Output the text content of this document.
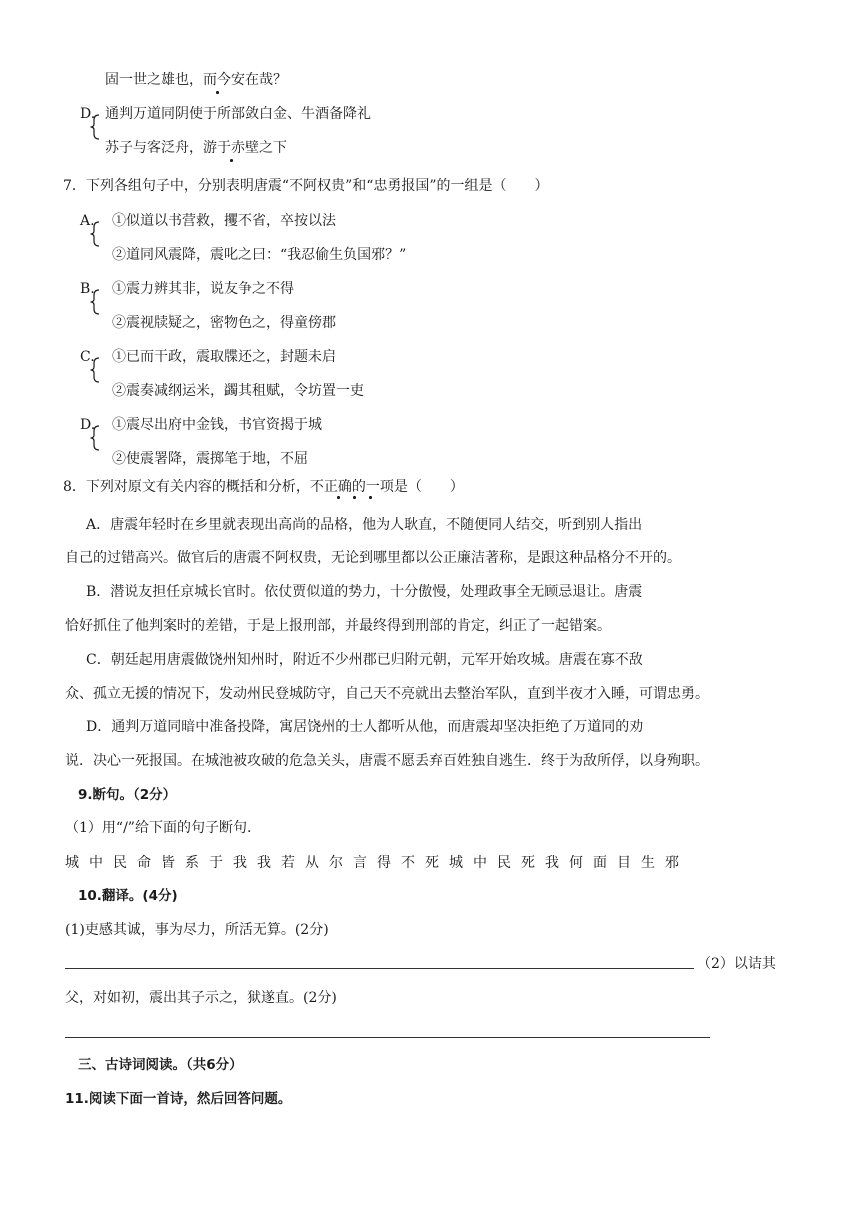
固一世之雄也，而今安在哉？
D. 通判万道同阴使于所部敛白金、牛酒备降礼
苏子与客泛舟，游于赤壁之下
7．下列各组句子中，分别表明唐震“不阿权贵”和“忠勇报国”的一组是（　　）
A. ①似道以书营救，攫不省，卒按以法
②道同风震降，震叱之曰：“我忍偷生负国邪？”
B. ①震力辨其非，说友争之不得
②震视牍疑之，密物色之，得童傍郡
C. ①已而干政，震取牒还之，封题未启
②震奏减纲运米，蠲其租赋，令坊置一吏
D. ①震尽出府中金钱，书官资揭于城
②使震署降，震掷笔于地，不屈
8．下列对原文有关内容的概括和分析，不正确的一项是（　　）
A．唐震年轻时在乡里就表现出高尚的品格，他为人耿直，不随便同人结交，听到别人指出
自己的过错高兴。做官后的唐震不阿权贵，无论到哪里都以公正廉洁著称，是跟这种品格分不开的。
B．潜说友担任京城长官时。依仗贾似道的势力，十分傲慢，处理政事全无顾忌退让。唐震
恰好抓住了他判案时的差错，于是上报刑部，并最终得到刑部的肯定，纠正了一起错案。
C．朝廷起用唐震做饶州知州时，附近不少州郡已归附元朝，元军开始攻城。唐震在寡不敌
众、孤立无援的情况下，发动州民登城防守，自己天不亮就出去整治军队，直到半夜才入睡，可谓忠勇。
D．通判万道同暗中准备投降，寓居饶州的士人都听从他，而唐震却坚决拒绝了万道同的劝
说．决心一死报国。在城池被攻破的危急关头，唐震不愿丢弃百姓独自逃生．终于为敌所俘，以身殉职。
9.断句。（2分）
（1）用“/”给下面的句子断句.
城 中 民 命 皆 系 于 我 我 若 从 尔 言 得 不 死 城 中 民 死 我 何 面 目 生 邪
10.翻译。(4分)
(1)吏感其诚，事为尽力，所活无算。(2分)
（2）以诘其
父，对如初，震出其子示之，狱遂直。(2分)
三、古诗词阅读。（共6分）
11.阅读下面一首诗，然后回答问题。
